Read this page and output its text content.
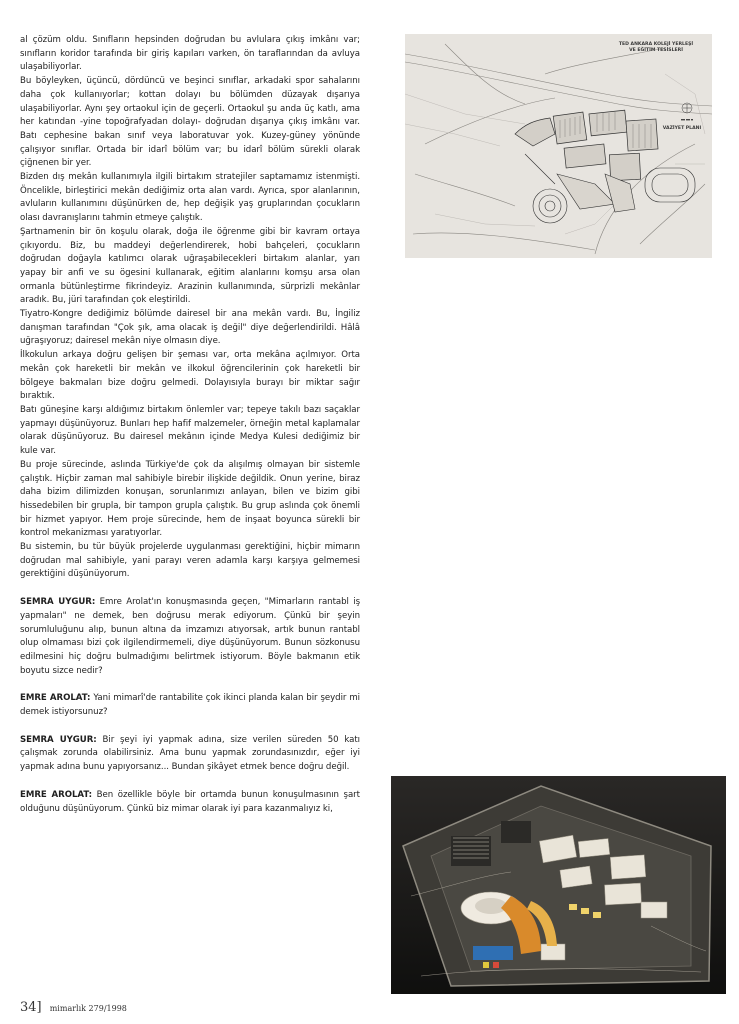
al çözüm oldu. Sınıfların hepsinden doğrudan bu avlulara çıkış imkânı var; sınıfların koridor tarafında bir giriş kapıları varken, ön taraflarından da avluya ulaşabiliyorlar.

Bu böyleyken, üçüncü, dördüncü ve beşinci sınıflar, arkadaki spor sahalarını daha çok kullanıyorlar; kottan dolayı bu bölümden düzayak dışarıya ulaşabiliyorlar. Aynı şey ortaokul için de geçerli. Ortaokul şu anda üç katlı, ama her katından -yine topoğrafyadan dolayı- doğrudan dışarıya çıkış imkânı var. Batı cephesine bakan sınıf veya laboratuvar yok. Kuzey-güney yönünde çalışıyor sınıflar. Ortada bir idarî bölüm var; bu idarî bölüm sürekli olarak çiğnenen bir yer.

Bizden dış mekân kullanımıyla ilgili birtakım stratejiler saptamamız istenmişti. Öncelikle, birleştirici mekân dediğimiz orta alan vardı. Ayrıca, spor alanlarının, avluların kullanımını düşünürken de, hep değişik yaş gruplarından çocukların olası davranışlarını tahmin etmeye çalıştık.

Şartnamenin bir ön koşulu olarak, doğa ile öğrenme gibi bir kavram ortaya çıkıyordu. Biz, bu maddeyi değerlendirerek, hobi bahçeleri, çocukların doğrudan doğayla katılımcı olarak uğraşabilecekleri birtakım alanlar, yarı yapay bir anfi ve su ögesini kullanarak, eğitim alanlarını komşu arsa olan ormanla bütünleştirme fikrindeyiz. Arazinin kullanımında, sürprizli mekânlar aradık. Bu, jüri tarafından çok eleştirildi.

Tiyatro-Kongre dediğimiz bölümde dairesel bir ana mekân vardı. Bu, İngiliz danışman tarafından "Çok şık, ama olacak iş değil" diye değerlendirildi. Hâlâ uğraşıyoruz; dairesel mekân niye olmasın diye.

İlkokulun arkaya doğru gelişen bir şeması var, orta mekâna açılmıyor. Orta mekân çok hareketli bir mekân ve ilkokul öğrencilerinin çok hareketli bir bölgeye bakmaları bize doğru gelmedi. Dolayısıyla burayı bir miktar sağır bıraktık.

Batı güneşine karşı aldığımız birtakım önlemler var; tepeye takılı bazı saçaklar yapmayı düşünüyoruz. Bunları hep hafif malzemeler, örneğin metal kaplamalar olarak düşünüyoruz. Bu dairesel mekânın içinde Medya Kulesi dediğimiz bir kule var.

Bu proje sürecinde, aslında Türkiye'de çok da alışılmış olmayan bir sistemle çalıştık. Hiçbir zaman mal sahibiyle birebir ilişkide değildik. Onun yerine, biraz daha bizim dilimizden konuşan, sorunlarımızı anlayan, bilen ve bizim gibi hissedebilen bir grupla, bir tampon grupla çalıştık. Bu grup aslında çok önemli bir hizmet yapıyor. Hem proje sürecinde, hem de inşaat boyunca sürekli bir kontrol mekanizması yaratıyorlar.

Bu sistemin, bu tür büyük projelerde uygulanması gerektiğini, hiçbir mimarın doğrudan mal sahibiyle, yani parayı veren adamla karşı karşıya gelmemesi gerektiğini düşünüyorum.

SEMRA UYGUR: Emre Arolat'ın konuşmasında geçen, "Mimarların rantabl iş yapmaları" ne demek, ben doğrusu merak ediyorum. Çünkü bir şeyin sorumluluğunu alıp, bunun altına da imzamızı atıyorsak, artık bunun rantabl olup olmaması bizi çok ilgilendirmemeli, diye düşünüyorum. Bunun sözkonusu edilmesini hiç doğru bulmadığımı belirtmek istiyorum. Böyle bakmanın etik boyutu sizce nedir?

EMRE AROLAT: Yani mimarî'de rantabilite çok ikinci planda kalan bir şeydir mi demek istiyorsunuz?

SEMRA UYGUR: Bir şeyi iyi yapmak adına, size verilen süreden 50 katı çalışmak zorunda olabilirsiniz. Ama bunu yapmak zorundasınızdır, eğer iyi yapmak adına bunu yapıyorsanız... Bundan şikâyet etmek bence doğru değil.

EMRE AROLAT: Ben özellikle böyle bir ortamda bunun konuşulmasının şart olduğunu düşünüyorum. Çünkü biz mimar olarak iyi para kazanmalıyız ki,

TED ANKARA KOLEJİ YERLEŞİ
VE EĞİTİM TESİSLERİ
VAZİYET PLANI
34] mimarlık 279/1998
